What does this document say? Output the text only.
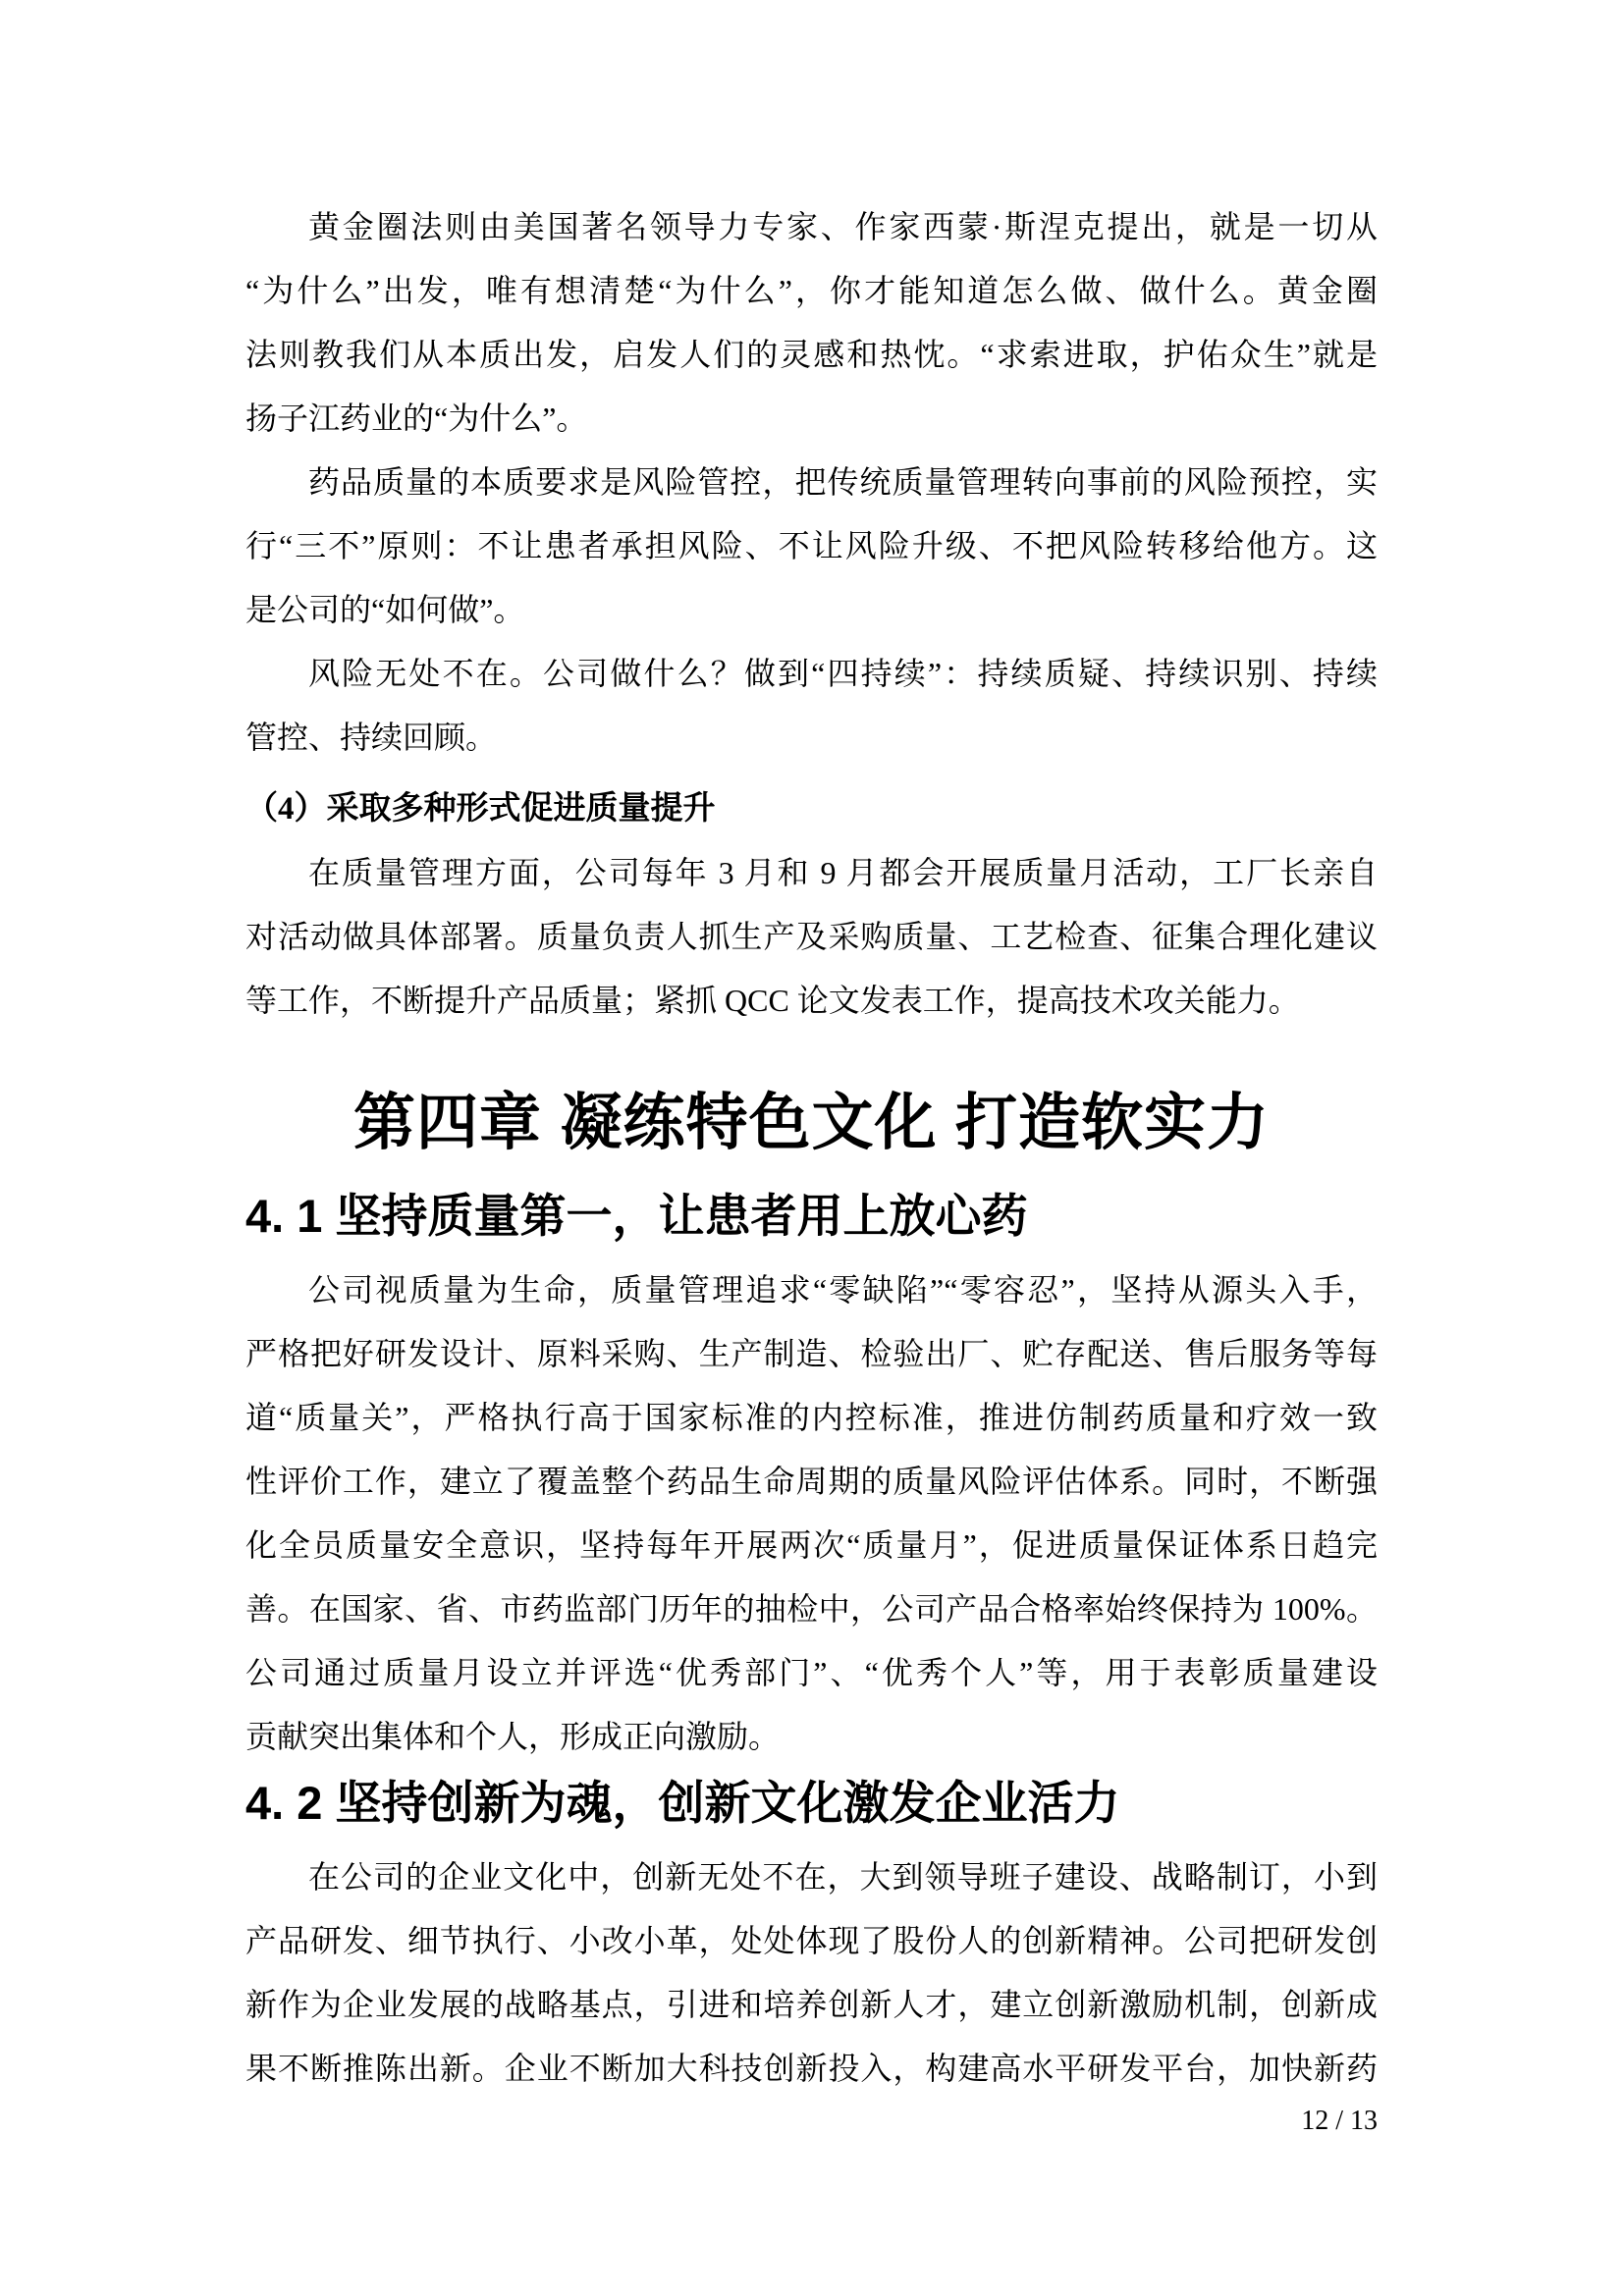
黄金圈法则由美国著名领导力专家、作家西蒙·斯涅克提出，就是一切从
“为什么”出发，唯有想清楚“为什么”，你才能知道怎么做、做什么。黄金圈
法则教我们从本质出发，启发人们的灵感和热忱。“求索进取，护佑众生”就是
扬子江药业的“为什么”。
药品质量的本质要求是风险管控，把传统质量管理转向事前的风险预控，实
行“三不”原则：不让患者承担风险、不让风险升级、不把风险转移给他方。这
是公司的“如何做”。
风险无处不在。公司做什么？做到“四持续”：持续质疑、持续识别、持续
管控、持续回顾。
（4）采取多种形式促进质量提升
在质量管理方面，公司每年 3 月和 9 月都会开展质量月活动，工厂长亲自
对活动做具体部署。质量负责人抓生产及采购质量、工艺检查、征集合理化建议
等工作，不断提升产品质量；紧抓 QCC 论文发表工作，提高技术攻关能力。
第四章 凝练特色文化 打造软实力
4. 1 坚持质量第一，让患者用上放心药
公司视质量为生命，质量管理追求“零缺陷”“零容忍”，坚持从源头入手，
严格把好研发设计、原料采购、生产制造、检验出厂、贮存配送、售后服务等每
道“质量关”，严格执行高于国家标准的内控标准，推进仿制药质量和疗效一致
性评价工作，建立了覆盖整个药品生命周期的质量风险评估体系。同时，不断强
化全员质量安全意识，坚持每年开展两次“质量月”，促进质量保证体系日趋完
善。在国家、省、市药监部门历年的抽检中，公司产品合格率始终保持为 100%。
公司通过质量月设立并评选“优秀部门”、“优秀个人”等，用于表彰质量建设
贡献突出集体和个人，形成正向激励。
4. 2 坚持创新为魂，创新文化激发企业活力
在公司的企业文化中，创新无处不在，大到领导班子建设、战略制订，小到
产品研发、细节执行、小改小革，处处体现了股份人的创新精神。公司把研发创
新作为企业发展的战略基点，引进和培养创新人才，建立创新激励机制，创新成
果不断推陈出新。企业不断加大科技创新投入，构建高水平研发平台，加快新药
12 / 13
